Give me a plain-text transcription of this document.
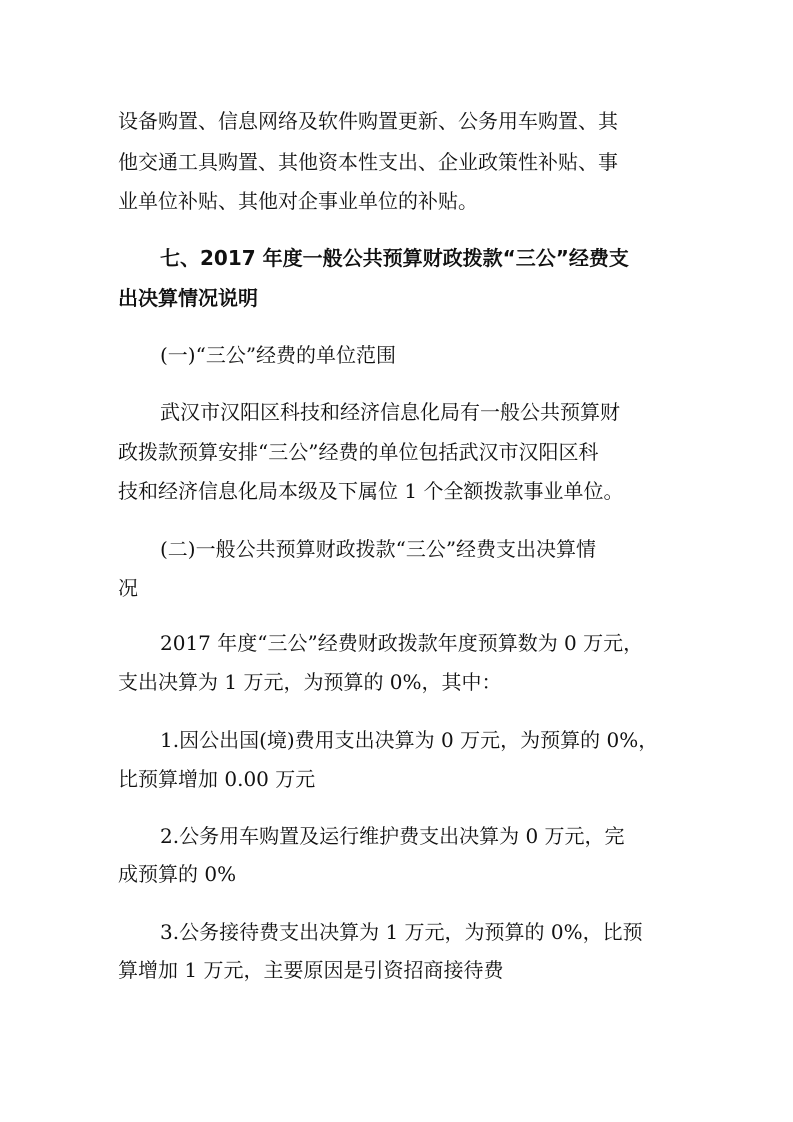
设备购置、信息网络及软件购置更新、公务用车购置、其

他交通工具购置、其他资本性支出、企业政策性补贴、事

业单位补贴、其他对企事业单位的补贴。

七、2017 年度一般公共预算财政拨款“三公”经费支

出决算情况说明

(一)“三公”经费的单位范围

武汉市汉阳区科技和经济信息化局有一般公共预算财

政拨款预算安排“三公”经费的单位包括武汉市汉阳区科

技和经济信息化局本级及下属位 1 个全额拨款事业单位。

(二)一般公共预算财政拨款“三公”经费支出决算情

况

2017 年度“三公”经费财政拨款年度预算数为 0 万元，

支出决算为 1 万元，为预算的 0%，其中：

1.因公出国(境)费用支出决算为 0 万元，为预算的 0%，

比预算增加 0.00 万元

2.公务用车购置及运行维护费支出决算为 0 万元，完

成预算的 0%

3.公务接待费支出决算为 1 万元，为预算的 0%，比预

算增加 1 万元，主要原因是引资招商接待费
